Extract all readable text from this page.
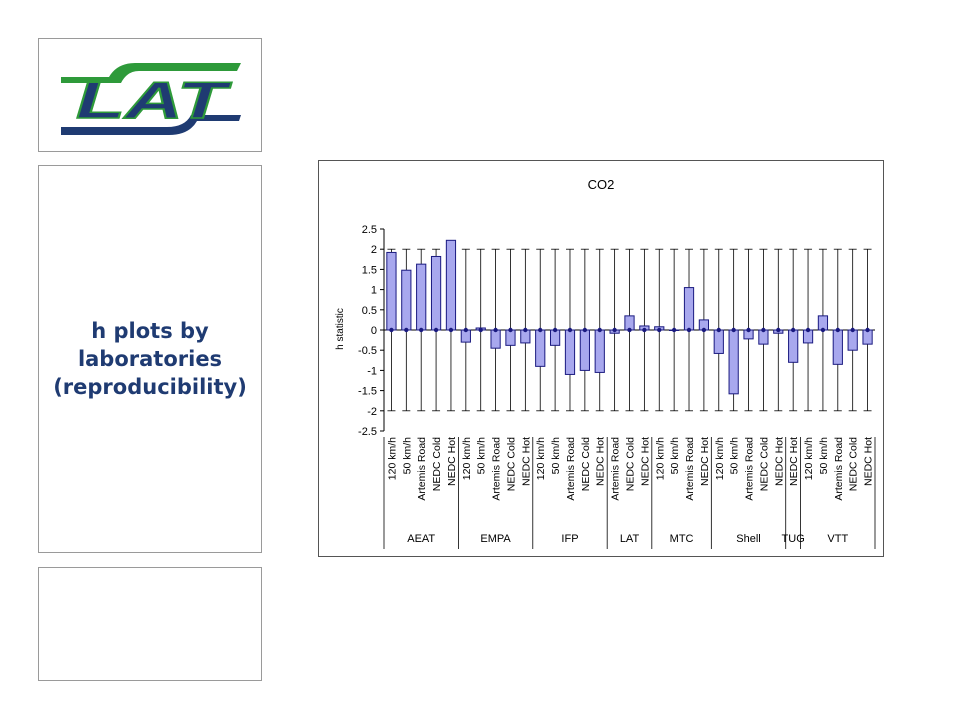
LAT
h plots by
laboratories
(reproducibility)
CO2
h statistic
2.5
2
1.5
1
0.5
0
-0.5
-1
-1.5
-2
-2.5
120 km/h 50 km/h Artemis Road NEDC Cold NEDC Hot 120 km/h 50 km/h Artemis Road NEDC Cold NEDC Hot 120 km/h 50 km/h Artemis Road NEDC Cold NEDC Hot Artemis Road NEDC Cold NEDC Hot 120 km/h 50 km/h Artemis Road NEDC Hot 120 km/h 50 km/h Artemis Road NEDC Cold NEDC Hot NEDC Hot 120 km/h 50 km/h Artemis Road NEDC Cold NEDC Hot
AEAT	EMPA	IFP	LAT	MTC	Shell TUG VTT
